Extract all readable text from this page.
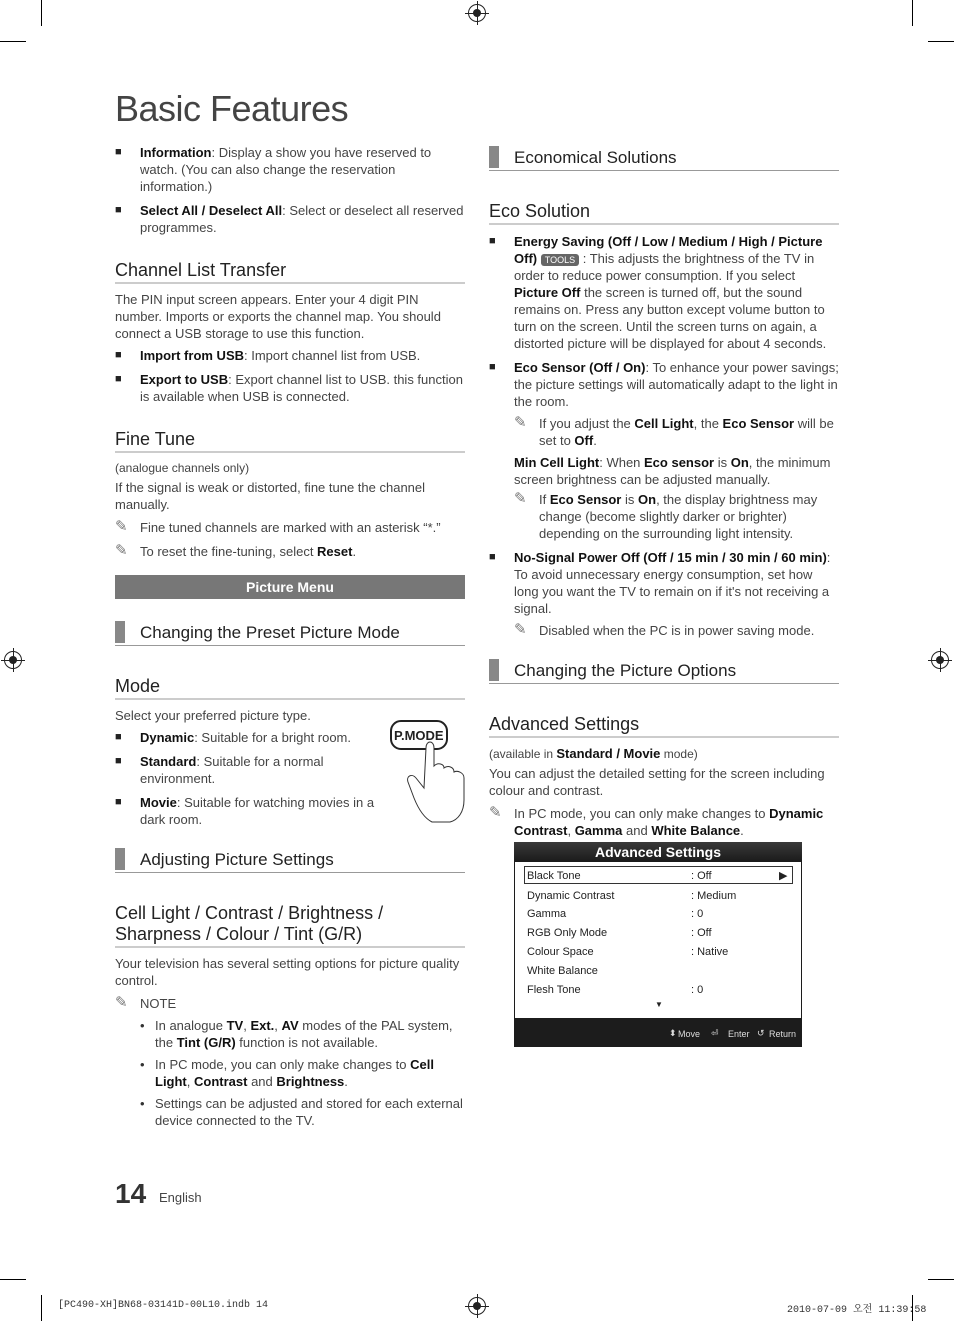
Basic Features

■ Information: Display a show you have reserved to watch. (You can also change the reservation information.)

■ Select All / Deselect All: Select or deselect all reserved programmes.

Channel List Transfer

The PIN input screen appears. Enter your 4 digit PIN number. Imports or exports the channel map. You should connect a USB storage to use this function.

■ Import from USB: Import channel list from USB.

■ Export to USB: Export channel list to USB. this function is available when USB is connected.

Fine Tune

(analogue channels only)

If the signal is weak or distorted, fine tune the channel manually.

✎ Fine tuned channels are marked with an asterisk “*.”

✎ To reset the fine-tuning, select Reset.

Picture Menu
Changing the Preset Picture Mode
Mode

Select your preferred picture type.

■ Dynamic: Suitable for a bright room.

■ Standard: Suitable for a normal environment.

■ Movie: Suitable for watching movies in a dark room.

Adjusting Picture Settings
Cell Light / Contrast / Brightness / Sharpness / Colour / Tint (G/R)

Your television has several setting options for picture quality control.

✎ NOTE

• In analogue TV, Ext., AV modes of the PAL system, the Tint (G/R) function is not available.

• In PC mode, you can only make changes to Cell Light, Contrast and Brightness.

• Settings can be adjusted and stored for each external device connected to the TV.

P.MODE
Economical Solutions
Eco Solution

■ Energy Saving (Off / Low / Medium / High / Picture Off) TOOLS : This adjusts the brightness of the TV in order to reduce power consumption. If you select Picture Off the screen is turned off, but the sound remains on. Press any button except volume button to turn on the screen. Until the screen turns on again, a distorted picture will be displayed for about 4 seconds.

■ Eco Sensor (Off / On): To enhance your power savings; the picture settings will automatically adapt to the light in the room.

✎ If you adjust the Cell Light, the Eco Sensor will be set to Off.

Min Cell Light: When Eco sensor is On, the minimum screen brightness can be adjusted manually.

✎ If Eco Sensor is On, the display brightness may change (become slightly darker or brighter) depending on the surrounding light intensity.

■ No-Signal Power Off (Off / 15 min / 30 min / 60 min): To avoid unnecessary energy consumption, set how long you want the TV to remain on if it's not receiving a signal.

✎ Disabled when the PC is in power saving mode.

Changing the Picture Options
Advanced Settings

(available in Standard / Movie mode)

You can adjust the detailed setting for the screen including colour and contrast.

✎ In PC mode, you can only make changes to Dynamic Contrast, Gamma and White Balance.

Advanced Settings
Black Tone	: Off	▶
Dynamic Contrast	: Medium
Gamma	: 0
RGB Only Mode	: Off
Colour Space	: Native
White Balance
Flesh Tone	: 0
▼
⬍ Move ⏎ Enter ↺ Return
14 English
[PC490-XH]BN68-03141D-00L10.indb 14	2010-07-09 오전 11:39:58
